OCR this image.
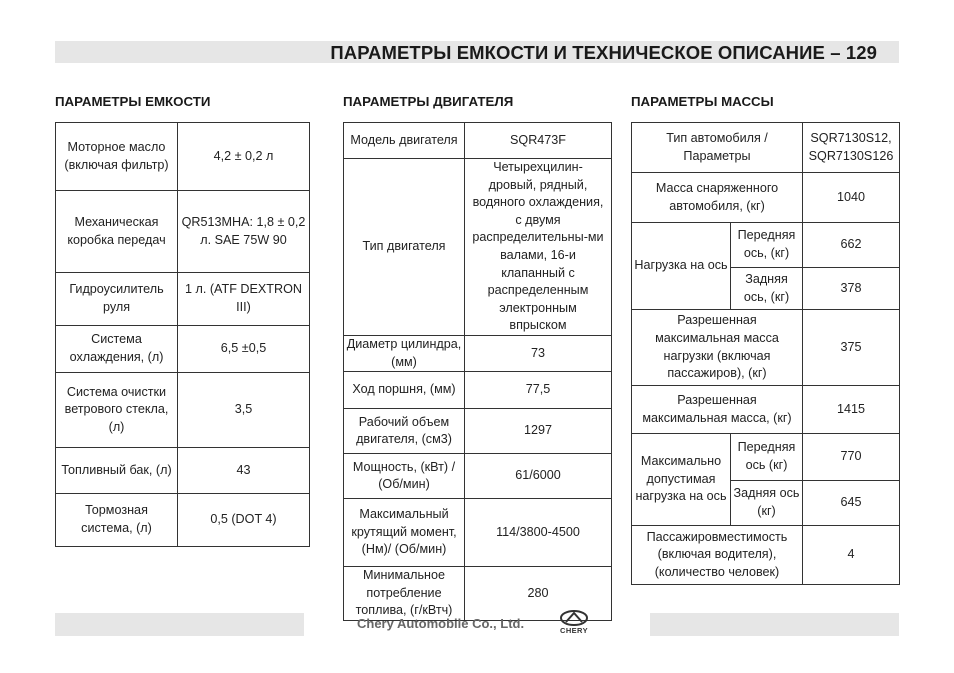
ПАРАМЕТРЫ ЕМКОСТИ И ТЕХНИЧЕСКОЕ ОПИСАНИЕ – 129
ПАРАМЕТРЫ ЕМКОСТИ	ПАРАМЕТРЫ ДВИГАТЕЛЯ	ПАРАМЕТРЫ МАССЫ
Моторное масло (включая фильтр)	4,2 ± 0,2 л
Механическая коробка передач	QR513MHA: 1,8 ± 0,2 л. SAE 75W 90
Гидроусилитель руля	1 л. (ATF DEXTRON III)
Система охлаждения, (л)	6,5 ±0,5
Система очистки ветрового стекла, (л)	3,5
Топливный бак, (л)	43
Тормозная система, (л)	0,5 (DOT 4)
Модель двигателя	SQR473F
Тип двигателя	Четырехцилин-дровый, рядный, водяного охлаждения, с двумя распределительны-ми валами, 16-и клапанный с распределенным электронным впрыском
Диаметр цилиндра, (мм)	73
Ход поршня, (мм)	77,5
Рабочий объем двигателя, (см3)	1297
Мощность, (кВт) / (Об/мин)	61/6000
Максимальный крутящий момент, (Нм)/ (Об/мин)	114/3800-4500
Минимальное потребление топлива, (г/кВтч)	280
Тип автомобиля / Параметры		SQR7130S12, SQR7130S126
Масса снаряженного автомобиля, (кг)		1040
Нагрузка на ось	Передняя ось, (кг)	662
	Задняя ось, (кг)	378
Разрешенная максимальная масса нагрузки (включая пассажиров), (кг)		375
Разрешенная максимальная масса, (кг)		1415
Максимально допустимая нагрузка на ось	Передняя ось (кг)	770
	Задняя ось (кг)	645
Пассажировместимость (включая водителя), (количество человек)		4
Chery Automobile Co., Ltd.	CHERY
